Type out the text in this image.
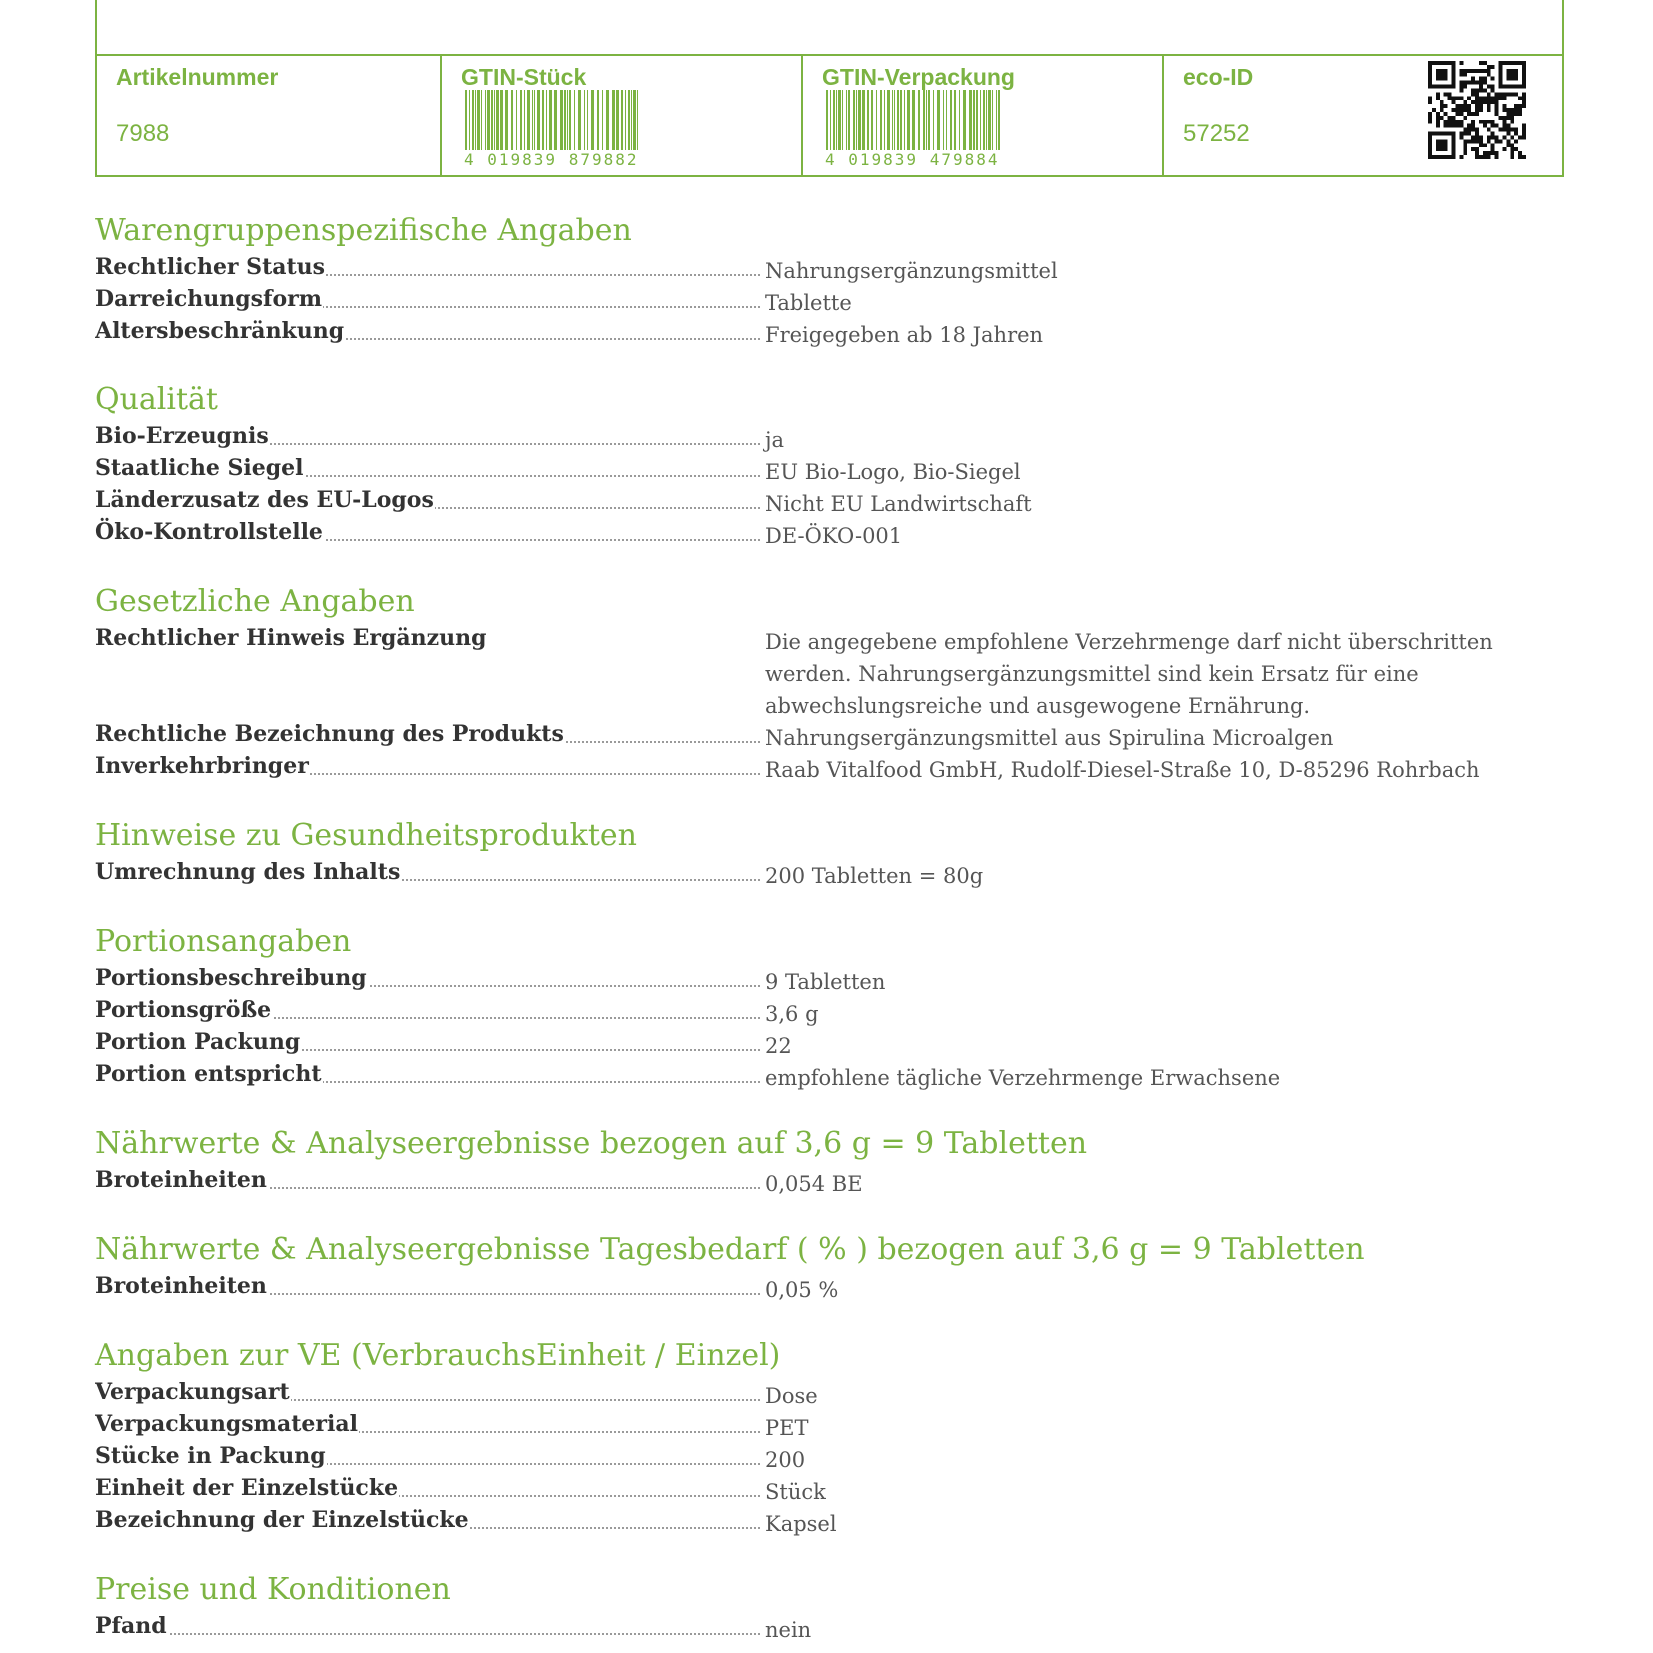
Artikelnummer
7988
GTIN-Stück
4 019839 879882
GTIN-Verpackung
4 019839 479884
eco-ID
57252
Warengruppenspezifische Angaben
Rechtlicher Status	Nahrungsergänzungsmittel
Darreichungsform	Tablette
Altersbeschränkung	Freigegeben ab 18 Jahren
Qualität
Bio-Erzeugnis	ja
Staatliche Siegel	EU Bio-Logo, Bio-Siegel
Länderzusatz des EU-Logos	Nicht EU Landwirtschaft
Öko-Kontrollstelle	DE-ÖKO-001
Gesetzliche Angaben
Rechtlicher Hinweis Ergänzung	Die angegebene empfohlene Verzehrmenge darf nicht überschritten werden. Nahrungsergänzungsmittel sind kein Ersatz für eine abwechslungsreiche und ausgewogene Ernährung.
Rechtliche Bezeichnung des Produkts	Nahrungsergänzungsmittel aus Spirulina Microalgen
Inverkehrbringer	Raab Vitalfood GmbH, Rudolf-Diesel-Straße 10, D-85296 Rohrbach
Hinweise zu Gesundheitsprodukten
Umrechnung des Inhalts	200 Tabletten = 80g
Portionsangaben
Portionsbeschreibung	9 Tabletten
Portionsgröße	3,6 g
Portion Packung	22
Portion entspricht	empfohlene tägliche Verzehrmenge Erwachsene
Nährwerte & Analyseergebnisse bezogen auf 3,6 g = 9 Tabletten
Broteinheiten	0,054 BE
Nährwerte & Analyseergebnisse Tagesbedarf ( % ) bezogen auf 3,6 g = 9 Tabletten
Broteinheiten	0,05 %
Angaben zur VE (VerbrauchsEinheit / Einzel)
Verpackungsart	Dose
Verpackungsmaterial	PET
Stücke in Packung	200
Einheit der Einzelstücke	Stück
Bezeichnung der Einzelstücke	Kapsel
Preise und Konditionen
Pfand	nein
